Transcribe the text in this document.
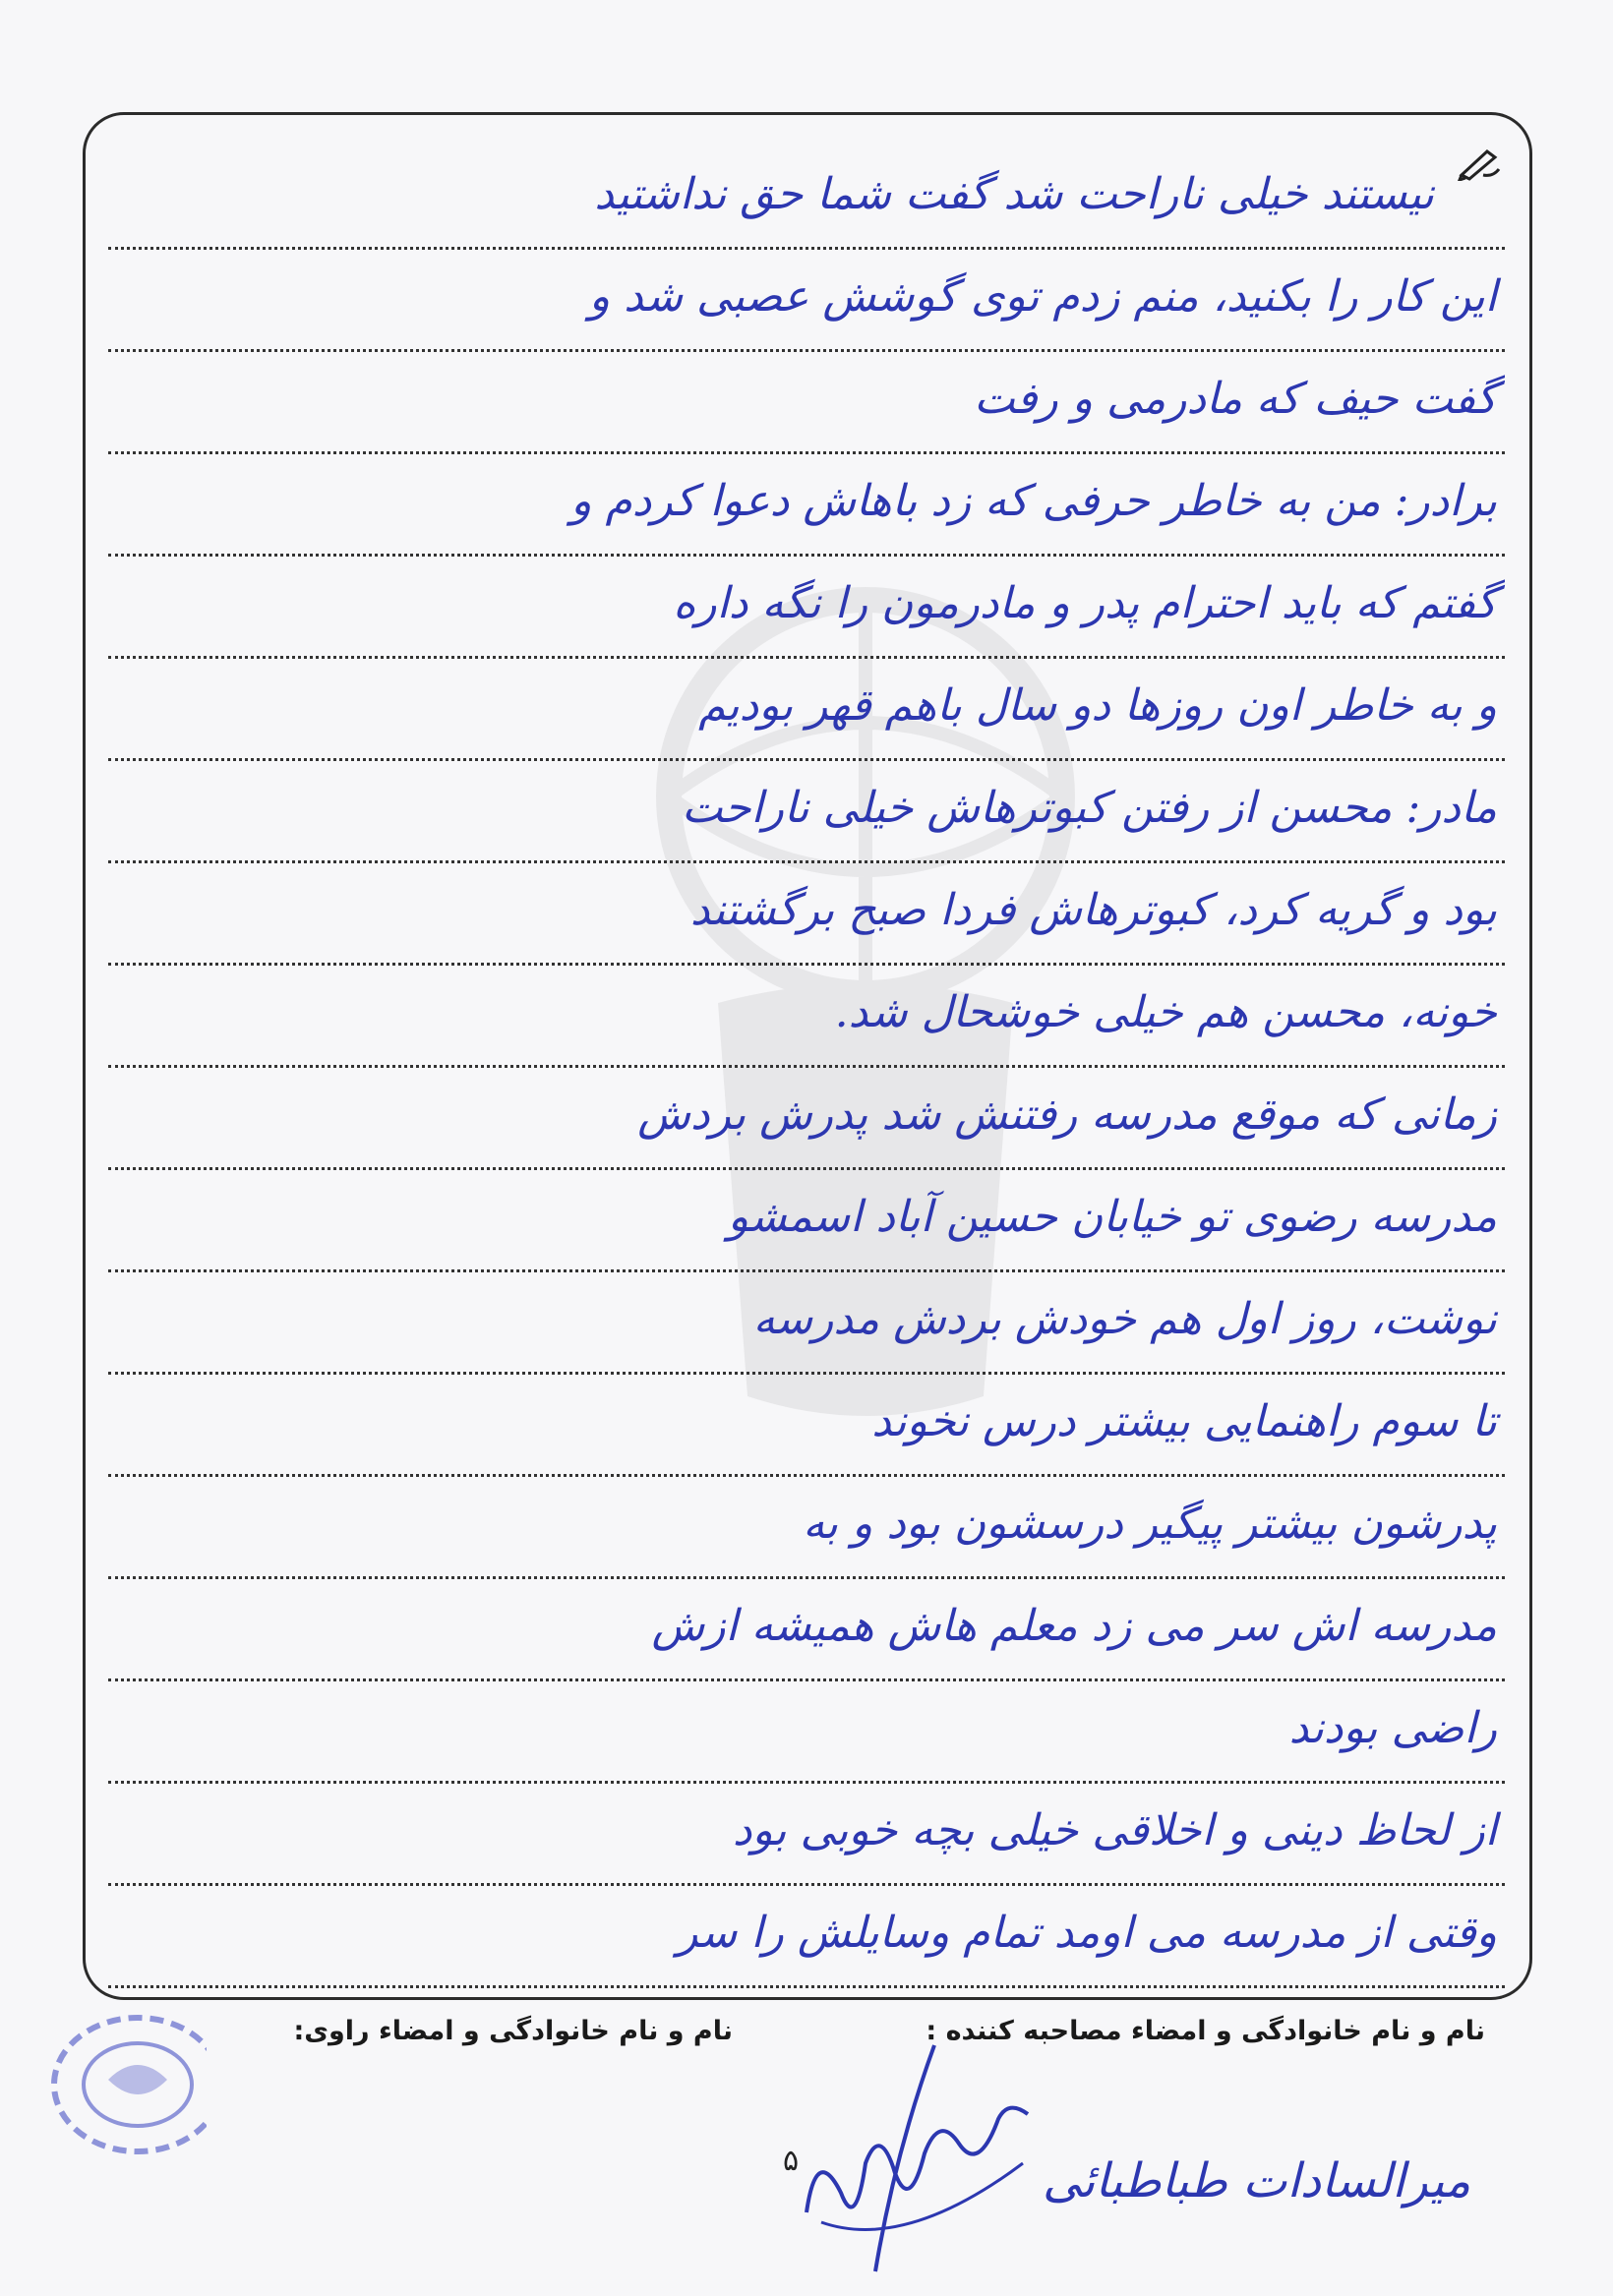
نیستند خیلی ناراحت شد گفت شما حق نداشتید
این کار را بکنید، منم زدم توی گوشش عصبی شد و
گفت حیف که مادرمی و رفت
برادر: من به خاطر حرفی که زد باهاش دعوا کردم و
گفتم که باید احترام پدر و مادرمون را نگه داره
و به خاطر اون روزها دو سال باهم قهر بودیم
مادر: محسن از رفتن کبوترهاش خیلی ناراحت
بود و گریه کرد، کبوترهاش فردا صبح برگشتند
خونه، محسن هم خیلی خوشحال شد.
زمانی که موقع مدرسه رفتنش شد پدرش بردش
مدرسه رضوی تو خیابان حسین آباد اسمشو
نوشت، روز اول هم خودش بردش مدرسه
تا سوم راهنمایی بیشتر درس نخوند
پدرشون بیشتر پیگیر درسشون بود و به
مدرسه اش سر می زد معلم هاش همیشه ازش
راضی بودند
از لحاظ دینی و اخلاقی خیلی بچه خوبی بود
وقتی از مدرسه می اومد تمام وسایلش را سر
نام و نام خانوادگی و امضاء مصاحبه کننده :
نام و نام خانوادگی و امضاء راوی:
۵	میرالسادات طباطبائی
